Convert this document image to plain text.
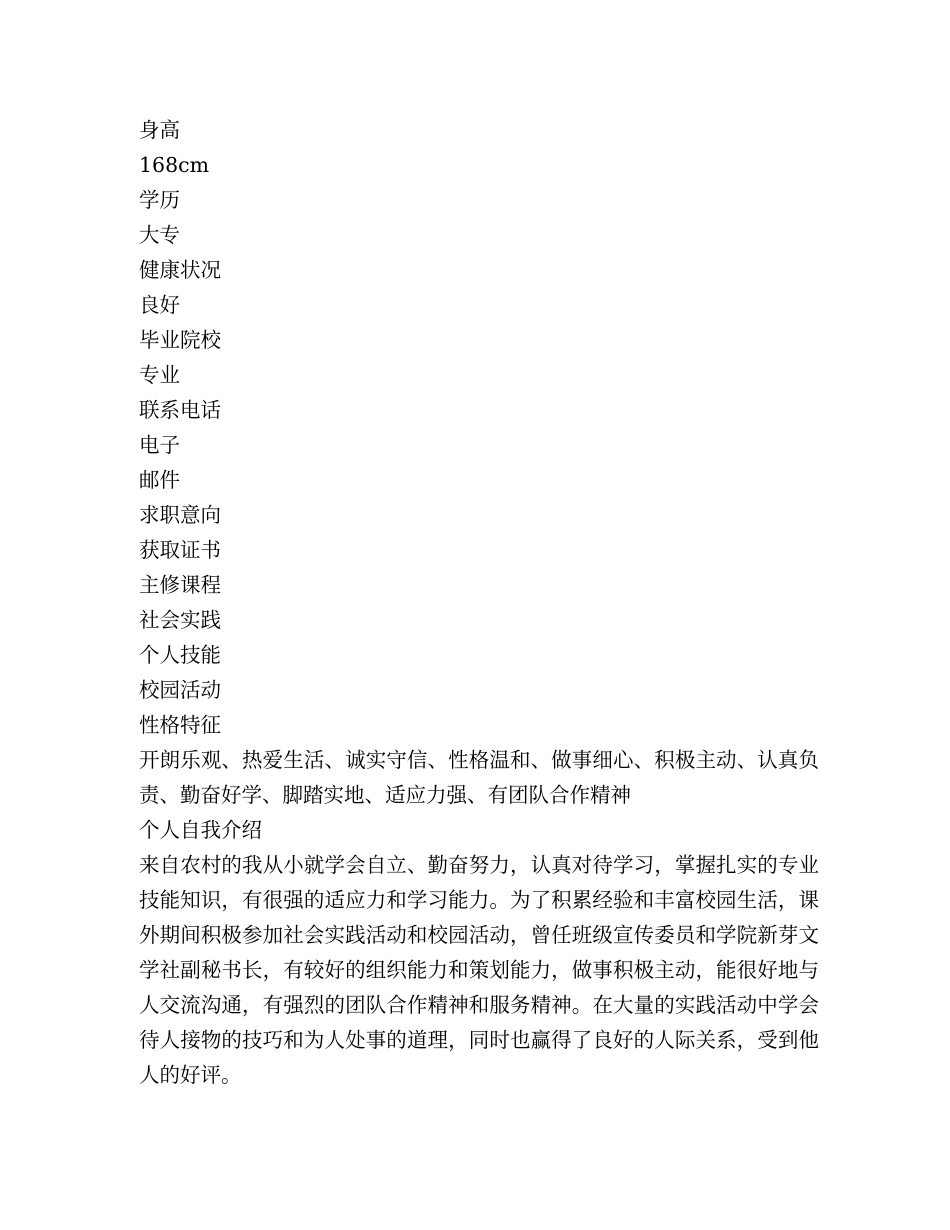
身高
168cm
学历
大专
健康状况
良好
毕业院校
专业
联系电话
电子
邮件
求职意向
获取证书
主修课程
社会实践
个人技能
校园活动
性格特征
开朗乐观、热爱生活、诚实守信、性格温和、做事细心、积极主动、认真负责、勤奋好学、脚踏实地、适应力强、有团队合作精神
个人自我介绍
来自农村的我从小就学会自立、勤奋努力，认真对待学习，掌握扎实的专业技能知识，有很强的适应力和学习能力。为了积累经验和丰富校园生活，课外期间积极参加社会实践活动和校园活动，曾任班级宣传委员和学院新芽文学社副秘书长，有较好的组织能力和策划能力，做事积极主动，能很好地与人交流沟通，有强烈的团队合作精神和服务精神。在大量的实践活动中学会待人接物的技巧和为人处事的道理，同时也赢得了良好的人际关系，受到他人的好评。
